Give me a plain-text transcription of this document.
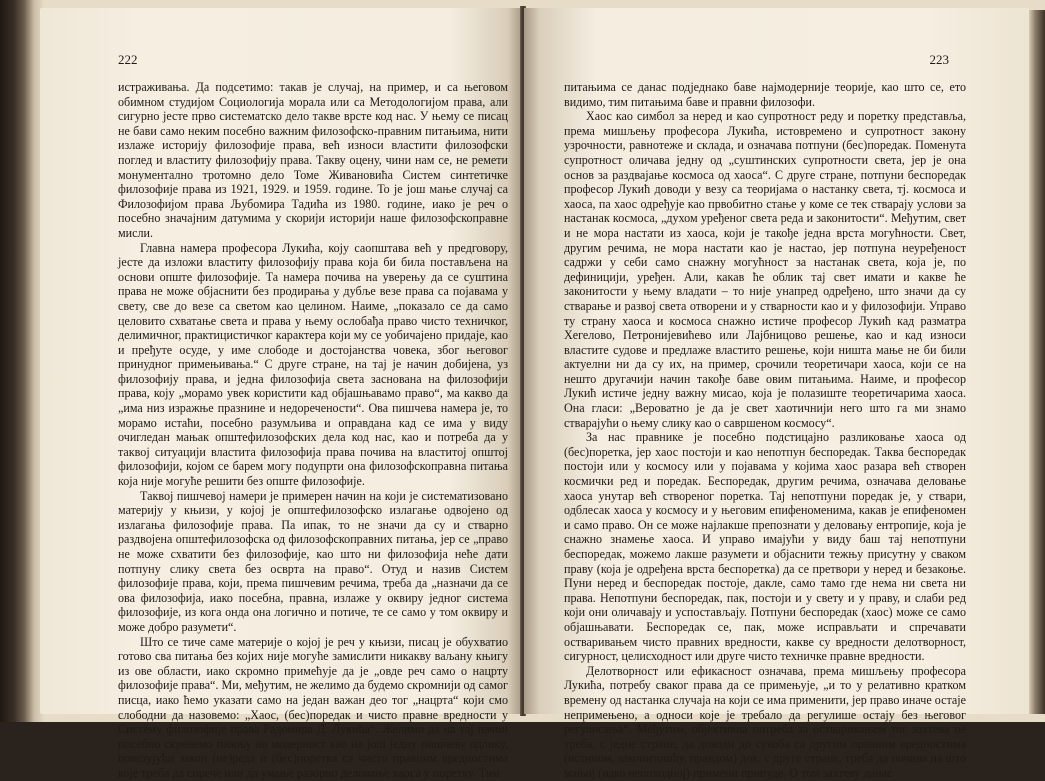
222

истраживања. Да подсетимо: такав је случај, на пример, и са његовом обимном студијом Социологија морала или са Методологијом права, али сигурно јесте прво систематско дело такве врсте код нас. У њему се писац не бави само неким посебно важним филозофско-правним питањима, нити излаже историју филозофије права, већ износи властити филозофски поглед и властиту филозофију права. Такву оцену, чини нам се, не ремети монументално тротомно дело Томе Живановића Систем синтетичке филозофије права из 1921, 1929. и 1959. године. То је још мање случај са Филозофијом права Љубомира Тадића из 1980. године, иако је реч о посебно значајним датумима у скорији историји наше филозофскоправне мисли.

Главна намера професора Лукића, коју саопштава већ у предговору, јесте да изложи властиту филозофију права која би била постављена на основи опште филозофије. Та намера почива на уверењу да се суштина права не може објаснити без продирања у дубље везе права са појавама у свету, све до везе са светом као целином. Наиме, „показало се да само целовито схватање света и права у њему ослобађа право чисто техничког, делимичног, практицистичког карактера који му се уобичајено придаје, као и пређуте осуде, у име слободе и достојанства човека, због његовог принудног примењивања.“ С друге стране, на тај је начин добијена, уз филозофију права, и једна филозофија света заснована на филозофији права, коју „морамо увек користити кад објашњавамо право“, ма какво да „има низ изражње празнине и недоречености“. Ова пишчева намера је, то морамо истаћи, посебно разумљива и оправдана кад се има у виду очигледан мањак општефилозофских дела код нас, као и потреба да у таквој ситуацији властита филозофија права почива на властитој општој филозофији, којом се барем могу подупрти она филозофскоправна питања која није могуће решити без опште филозофије.

Таквој пишчевој намери је примерен начин на који је систематизовано материју у књизи, у којој је општефилозофско излагање одвојено од излагања филозофије права. Па ипак, то не значи да су и стварно раздвојена општефилозофска од филозофскоправних питања, јер се „право не може схватити без филозофије, као што ни филозофија неће дати потпуну слику света без осврта на право“. Отуд и назив Систем филозофије права, који, према пишчевим речима, треба да „назначи да се ова филозофија, иако посебна, правна, излаже у оквиру једног система филозофије, из кога онда она логично и потиче, те се само у том оквиру и може добро разумети“.

Што се тиче саме материје о којој је реч у књизи, писац је обухватио готово сва питања без којих није могуће замислити никакву ваљану књигу из ове области, иако скромно примећује да је „овде реч само о нацрту филозофије права“. Ми, међутим, не желимо да будемо скромнији од самог писца, иако ћемо указати само на један важан део тог „нацрта“ који смо слободни да назовемо: „Хаос, (бес)поредак и чисто правне вредности у Систему филозофије права Радомира Д. Лукића“. Желимо да на тај начин посебно скренемо пажњу на модерност као на још једну пишчеву одлику, повезујући закон (не)реда и (бес)поретка са чисто правним вредностима које треба да спрече или да умање разорно деловање хаоса у поретку. Тим

223

питањима се данас подједнако баве најмодерније теорије, као што се, ето видимо, тим питањима баве и правни филозофи.

Хаос као симбол за неред и као супротност реду и поретку представља, према мишљењу професора Лукића, истовремено и супротност закону узрочности, равнотеже и склада, и означава потпуни (бес)поредак. Поменута супротност оличава једну од „суштинских супротности света, јер је она основ за раздвајање космоса од хаоса“. С друге стране, потпуни беспоредак професор Лукић доводи у везу са теоријама о настанку света, тј. космоса и хаоса, па хаос одређује као првобитно стање у коме се тек стварају услови за настанак космоса, „духом уређеног света реда и законитости“. Међутим, свет и не мора настати из хаоса, који је такође једна врста могућности. Свет, другим речима, не мора настати као је настао, јер потпуна неуређеност садржи у себи само снажну могућност за настанак света, која је, по дефиницији, уређен. Али, какав ће облик тај свет имати и какве ће законитости у њему владати – то није унапред одређено, што значи да су стварање и развој света отворени и у стварности као и у филозофији. Управо ту страну хаоса и космоса снажно истиче професор Лукић кад разматра Хегелово, Петронијевићево или Лајбницово решење, као и кад износи властите судове и предлаже властито решење, који ништа мање не би били актуелни ни да су их, на пример, срочили теоретичари хаоса, који се на нешто другачији начин такође баве овим питањима. Наиме, и професор Лукић истиче једну важну мисао, која је полазиште теоретичарима хаоса. Она гласи: „Вероватно је да је свет хаотичнији него што га ми знамо стварајући о њему слику као о савршеном космосу“.

За нас правнике је посебно подстицајно разликовање хаоса од (бес)поретка, јер хаос постоји и као непотпун беспоредак. Таква беспоредак постоји или у космосу или у појавама у којима хаос разара већ створен космички ред и поредак. Беспоредак, другим речима, означава деловање хаоса унутар већ створеног поретка. Тај непотпуни поредак је, у ствари, одблесак хаоса у космосу и у његовим епифеноменима, какав је епифеномен и само право. Он се може најлакше препознати у деловању ентропије, која је снажно знамење хаоса. И управо имајући у виду баш тај непотпуни беспоредак, можемо лакше разумети и објаснити тежњу присутну у сваком праву (која је одређена врста беспоретка) да се претвори у неред и безакоње. Пуни неред и беспоредак постоје, дакле, само тамо где нема ни света ни права. Непотпуни беспоредак, пак, постоји и у свету и у праву, и слаби ред који они оличавају и успостављају. Потпуни беспоредак (хаос) може се само објашњавати. Беспоредак се, пак, може исправљати и спречавати остваривањем чисто правних вредности, какве су вредности делотворност, сигурност, целисходност или друге чисто техничке правне вредности.

Делотворност или ефикасност означава, према мишљењу професора Лукића, потребу сваког права да се примењује, „и то у релативно кратком времену од настанка случаја на који се има применити, јер право иначе остаје непримењено, а односи које је требало да регулише остају без његовог регулисања“. Међутим, објективна потреба за остваривањем тог захтева не треба, с једне стране, да доводи до сукоба са другим правним вредностима (истином, законитошћу, правдом) док, с друге стране, треба да почива на што мањој (иако неопходној) примени принуде. О том захтеву данас
